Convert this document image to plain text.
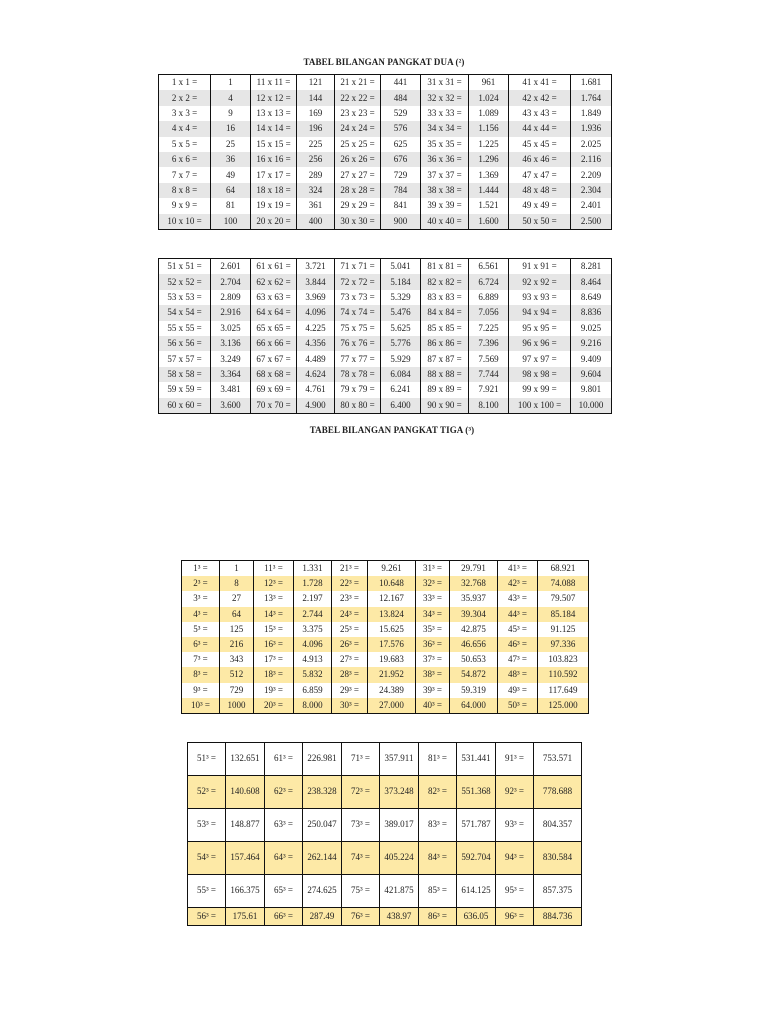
TABEL BILANGAN PANGKAT DUA (²)
1 x 1 =	1	11 x 11 =	121	21 x 21 =	441	31 x 31 =	961	41 x 41 =	1.681
2 x 2 =	4	12 x 12 =	144	22 x 22 =	484	32 x 32 =	1.024	42 x 42 =	1.764
3 x 3 =	9	13 x 13 =	169	23 x 23 =	529	33 x 33 =	1.089	43 x 43 =	1.849
4 x 4 =	16	14 x 14 =	196	24 x 24 =	576	34 x 34 =	1.156	44 x 44 =	1.936
5 x 5 =	25	15 x 15 =	225	25 x 25 =	625	35 x 35 =	1.225	45 x 45 =	2.025
6 x 6 =	36	16 x 16 =	256	26 x 26 =	676	36 x 36 =	1.296	46 x 46 =	2.116
7 x 7 =	49	17 x 17 =	289	27 x 27 =	729	37 x 37 =	1.369	47 x 47 =	2.209
8 x 8 =	64	18 x 18 =	324	28 x 28 =	784	38 x 38 =	1.444	48 x 48 =	2.304
9 x 9 =	81	19 x 19 =	361	29 x 29 =	841	39 x 39 =	1.521	49 x 49 =	2.401
10 x 10 =	100	20 x 20 =	400	30 x 30 =	900	40 x 40 =	1.600	50 x 50 =	2.500
51 x 51 =	2.601	61 x 61 =	3.721	71 x 71 =	5.041	81 x 81 =	6.561	91 x 91 =	8.281
52 x 52 =	2.704	62 x 62 =	3.844	72 x 72 =	5.184	82 x 82 =	6.724	92 x 92 =	8.464
53 x 53 =	2.809	63 x 63 =	3.969	73 x 73 =	5.329	83 x 83 =	6.889	93 x 93 =	8.649
54 x 54 =	2.916	64 x 64 =	4.096	74 x 74 =	5.476	84 x 84 =	7.056	94 x 94 =	8.836
55 x 55 =	3.025	65 x 65 =	4.225	75 x 75 =	5.625	85 x 85 =	7.225	95 x 95 =	9.025
56 x 56 =	3.136	66 x 66 =	4.356	76 x 76 =	5.776	86 x 86 =	7.396	96 x 96 =	9.216
57 x 57 =	3.249	67 x 67 =	4.489	77 x 77 =	5.929	87 x 87 =	7.569	97 x 97 =	9.409
58 x 58 =	3.364	68 x 68 =	4.624	78 x 78 =	6.084	88 x 88 =	7.744	98 x 98 =	9.604
59 x 59 =	3.481	69 x 69 =	4.761	79 x 79 =	6.241	89 x 89 =	7.921	99 x 99 =	9.801
60 x 60 =	3.600	70 x 70 =	4.900	80 x 80 =	6.400	90 x 90 =	8.100	100 x 100 =	10.000
TABEL BILANGAN PANGKAT TIGA (³)
1³ =	1	11³ =	1.331	21³ =	9.261	31³ =	29.791	41³ =	68.921
2³ =	8	12³ =	1.728	22³ =	10.648	32³ =	32.768	42³ =	74.088
3³ =	27	13³ =	2.197	23³ =	12.167	33³ =	35.937	43³ =	79.507
4³ =	64	14³ =	2.744	24³ =	13.824	34³ =	39.304	44³ =	85.184
5³ =	125	15³ =	3.375	25³ =	15.625	35³ =	42.875	45³ =	91.125
6³ =	216	16³ =	4.096	26³ =	17.576	36³ =	46.656	46³ =	97.336
7³ =	343	17³ =	4.913	27³ =	19.683	37³ =	50.653	47³ =	103.823
8³ =	512	18³ =	5.832	28³ =	21.952	38³ =	54.872	48³ =	110.592
9³ =	729	19³ =	6.859	29³ =	24.389	39³ =	59.319	49³ =	117.649
10³ =	1000	20³ =	8.000	30³ =	27.000	40³ =	64.000	50³ =	125.000
51³ =	132.651	61³ =	226.981	71³ =	357.911	81³ =	531.441	91³ =	753.571
52³ =	140.608	62³ =	238.328	72³ =	373.248	82³ =	551.368	92³ =	778.688
53³ =	148.877	63³ =	250.047	73³ =	389.017	83³ =	571.787	93³ =	804.357
54³ =	157.464	64³ =	262.144	74³ =	405.224	84³ =	592.704	94³ =	830.584
55³ =	166.375	65³ =	274.625	75³ =	421.875	85³ =	614.125	95³ =	857.375
56³ =	175.61	66³ =	287.49	76³ =	438.97	86³ =	636.05	96³ =	884.736
